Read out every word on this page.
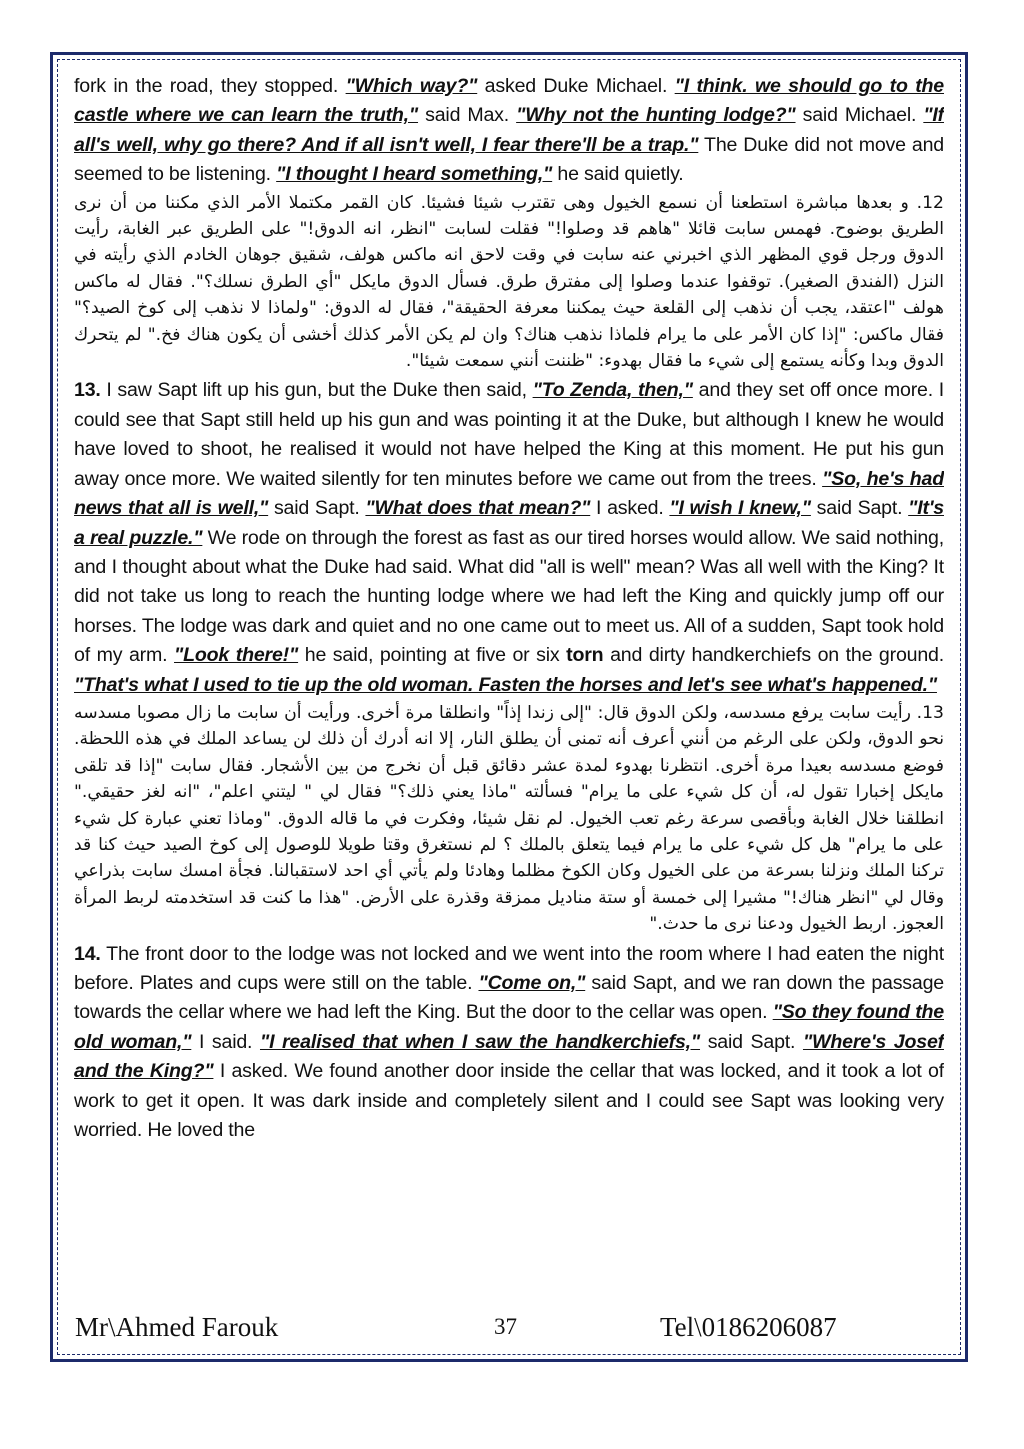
fork in the road, they stopped. "Which way?" asked Duke Michael. "I think. we should go to the castle where we can learn the truth," said Max. "Why not the hunting lodge?" said Michael. "If all's well, why go there? And if all isn't well, I fear there'll be a trap." The Duke did not move and seemed to be listening. "I thought I heard something," he said quietly.

12. و بعدها مباشرة استطعنا أن نسمع الخيول وهى تقترب شيئا فشيئا. كان القمر مكتملا الأمر الذي مكننا من أن نرى الطريق بوضوح. فهمس سابت قائلا "هاهم قد وصلوا!" فقلت لسابت "انظر، انه الدوق!" على الطريق عبر الغابة، رأيت الدوق ورجل قوي المظهر الذي اخبرني عنه سابت في وقت لاحق انه ماكس هولف، شقيق جوهان الخادم الذي رأيته في النزل (الفندق الصغير). توقفوا عندما وصلوا إلى مفترق طرق. فسأل الدوق مايكل "أي الطرق نسلك؟". فقال له ماكس هولف "اعتقد، يجب أن نذهب إلى القلعة حيث يمكننا معرفة الحقيقة"، فقال له الدوق: "ولماذا لا نذهب إلى كوخ الصيد؟" فقال ماكس: "إذا كان الأمر على ما يرام فلماذا نذهب هناك؟ وان لم يكن الأمر كذلك أخشى أن يكون هناك فخ." لم يتحرك الدوق وبدا وكأنه يستمع إلى شيء ما فقال بهدوء: "ظننت أنني سمعت شيئا".

13. I saw Sapt lift up his gun, but the Duke then said, "To Zenda, then," and they set off once more. I could see that Sapt still held up his gun and was pointing it at the Duke, but although I knew he would have loved to shoot, he realised it would not have helped the King at this moment. He put his gun away once more. We waited silently for ten minutes before we came out from the trees. "So, he's had news that all is well," said Sapt. "What does that mean?" I asked. "I wish I knew," said Sapt. "It's a real puzzle." We rode on through the forest as fast as our tired horses would allow. We said nothing, and I thought about what the Duke had said. What did "all is well" mean? Was all well with the King? It did not take us long to reach the hunting lodge where we had left the King and quickly jump off our horses. The lodge was dark and quiet and no one came out to meet us. All of a sudden, Sapt took hold of my arm. "Look there!" he said, pointing at five or six torn and dirty handkerchiefs on the ground. "That's what I used to tie up the old woman. Fasten the horses and let's see what's happened."

13. رأيت سابت يرفع مسدسه، ولكن الدوق قال: "إلى زندا إذاً" وانطلقا مرة أخرى. ورأيت أن سابت ما زال مصوبا مسدسه نحو الدوق، ولكن على الرغم من أنني أعرف أنه تمنى أن يطلق النار، إلا انه أدرك أن ذلك لن يساعد الملك في هذه اللحظة. فوضع مسدسه بعيدا مرة أخرى. انتظرنا بهدوء لمدة عشر دقائق قبل أن نخرج من بين الأشجار. فقال سابت "إذا قد تلقى مايكل إخبارا تقول له، أن كل شيء على ما يرام" فسألته "ماذا يعني ذلك؟" فقال لي " ليتني اعلم"، "انه لغز حقيقي." انطلقنا خلال الغابة وبأقصى سرعة رغم تعب الخيول. لم نقل شيئا، وفكرت في ما قاله الدوق. "وماذا تعني عبارة كل شيء على ما يرام" هل كل شيء على ما يرام فيما يتعلق بالملك ؟ لم نستغرق وقتا طويلا للوصول إلى كوخ الصيد حيث كنا قد تركنا الملك ونزلنا بسرعة من على الخيول وكان الكوخ مظلما وهادئا ولم يأتي أي احد لاستقبالنا. فجأة امسك سابت بذراعي وقال لي "انظر هناك!" مشيرا إلى خمسة أو ستة مناديل ممزقة وقذرة على الأرض. "هذا ما كنت قد استخدمته لربط المرأة العجوز. اربط الخيول ودعنا نرى ما حدث."

14. The front door to the lodge was not locked and we went into the room where I had eaten the night before. Plates and cups were still on the table. "Come on," said Sapt, and we ran down the passage towards the cellar where we had left the King. But the door to the cellar was open. "So they found the old woman," I said. "I realised that when I saw the handkerchiefs," said Sapt. "Where's Josef and the King?" I asked. We found another door inside the cellar that was locked, and it took a lot of work to get it open. It was dark inside and completely silent and I could see Sapt was looking very worried. He loved the

Mr\Ahmed Farouk	37	Tel\0186206087
